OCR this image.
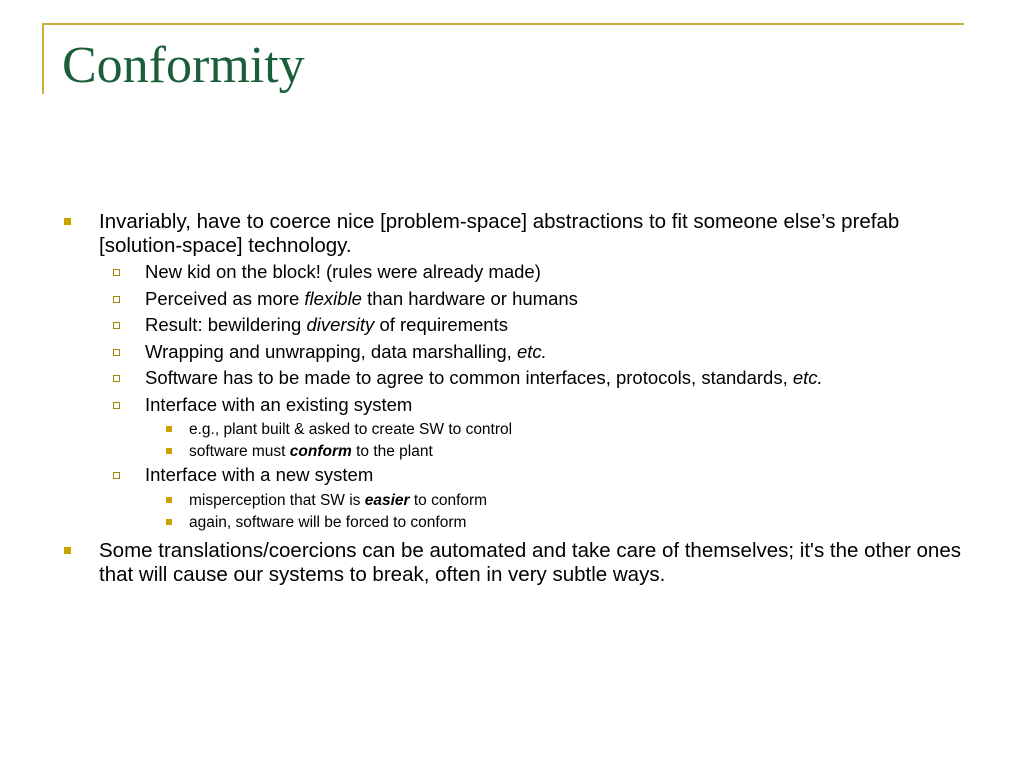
Conformity
Invariably, have to coerce nice [problem-space] abstractions to fit someone else’s prefab [solution-space] technology.
New kid on the block! (rules were already made)
Perceived as more flexible than hardware or humans
Result: bewildering diversity of requirements
Wrapping and unwrapping, data marshalling, etc.
Software has to be made to agree to common interfaces, protocols, standards, etc.
Interface with an existing system
e.g., plant built & asked to create SW to control
software must conform to the plant
Interface with a new system
misperception that SW is easier to conform
again, software will be forced to conform
Some translations/coercions can be automated and take care of themselves; it's the other ones that will cause our systems to break, often in very subtle ways.
